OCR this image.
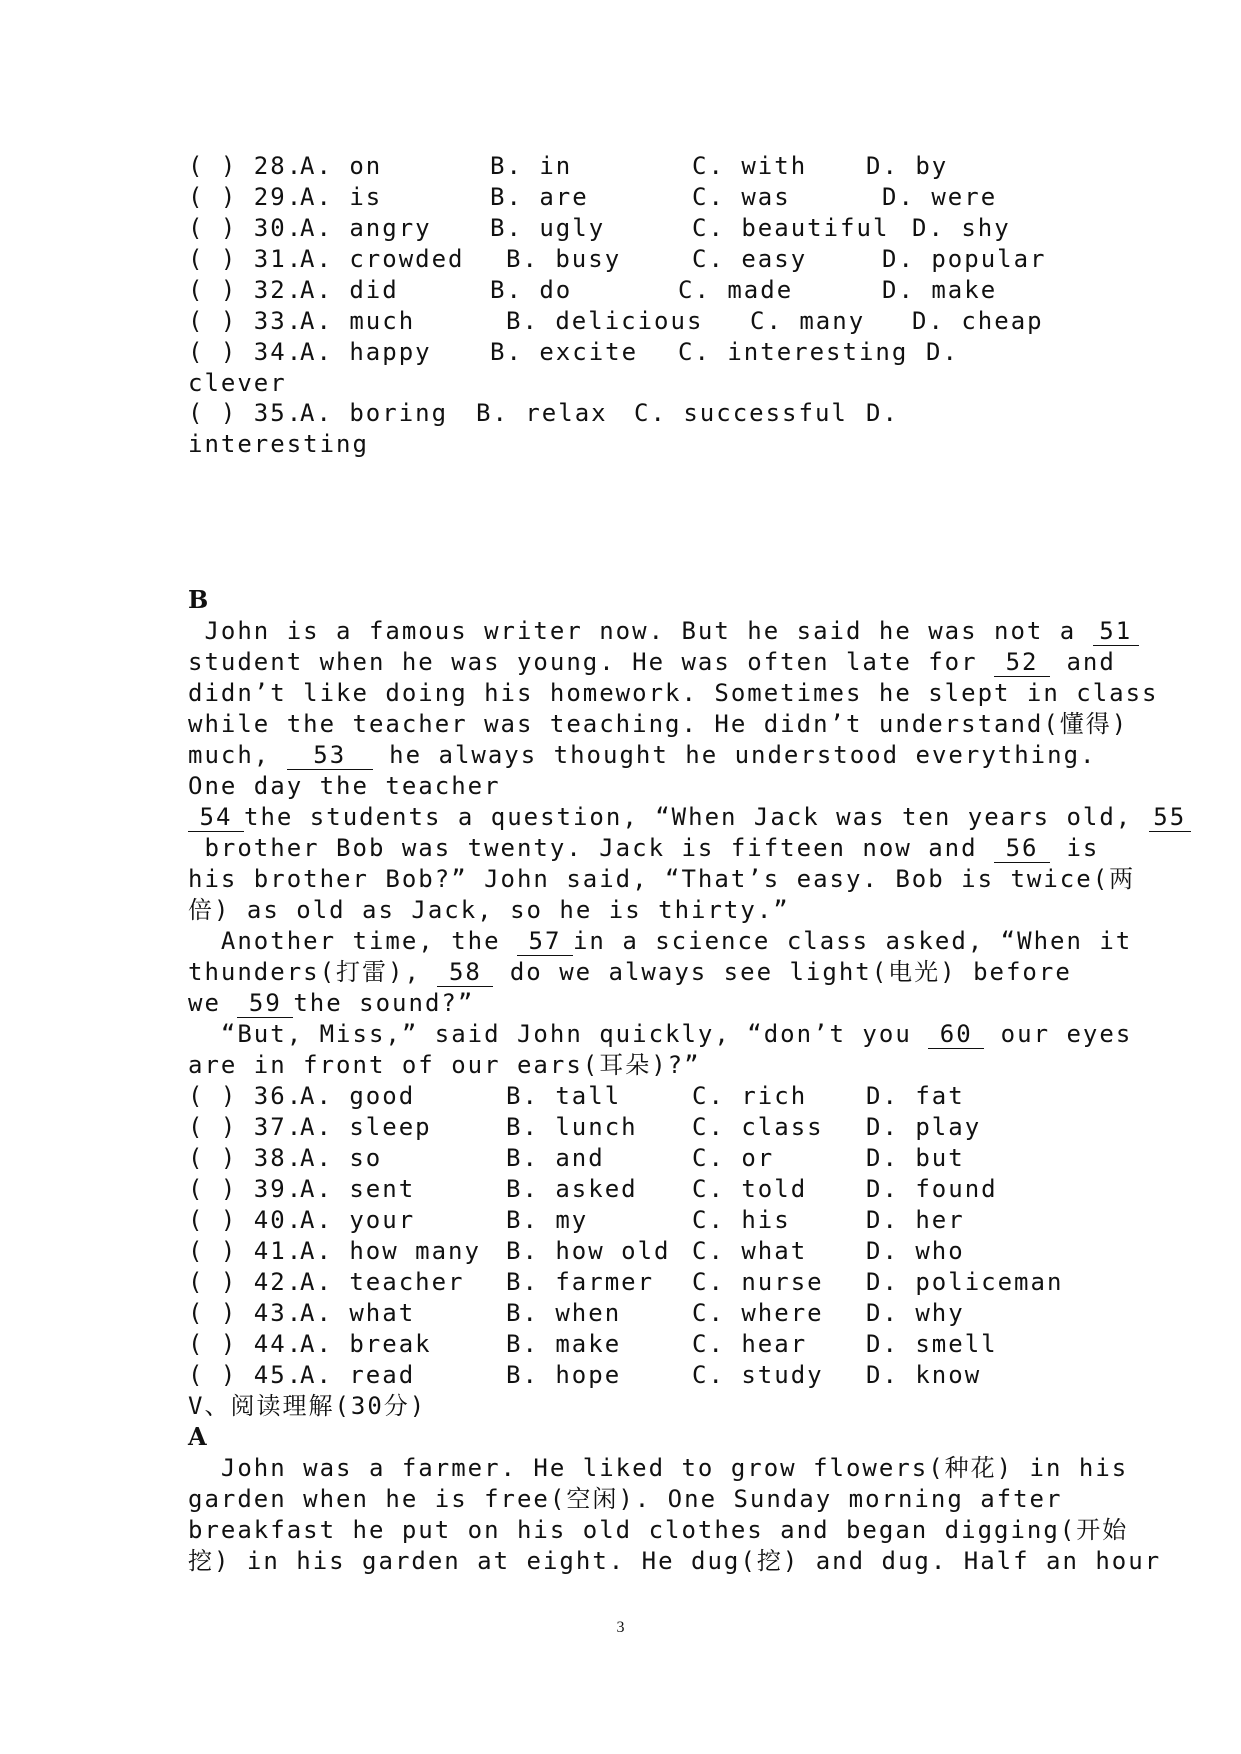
( ) 28.

A. on

	B. in

	C. with

D. by

( ) 29.

A. is

	B. are

	C. was

	D. were

( ) 30.

A. angry

B. ugly

	C. beautiful

D. shy

( ) 31.

A. crowded

B. busy

	C. easy

	D. popular

( ) 32.

A. did

	B. do

	C. made

	D. make

( ) 33.

A. much

	B. delicious

C. many

D. cheap

( ) 34.

A. happy

B. excite

C. interesting

D.

clever

( ) 35.

A. boring

B. relax

C. successful

D.

interesting

B
John is a famous writer now. But he said he was not a 51
student when he was young. He was often late for 52 and
didn’t like doing his homework. Sometimes he slept in class
while the teacher was teaching. He didn’t understand(懂得)
much, 53 he always thought he understood everything.
One day the teacher
54 the students a question, “When Jack was ten years old, 55
brother Bob was twenty. Jack is fifteen now and 56 is
his brother Bob?” John said, “That’s easy. Bob is twice(两
倍) as old as Jack, so he is thirty.”
Another time, the 57 in a science class asked, “When it
thunders(打雷), 58 do we always see light(电光) before
we 59 the sound?”
“But, Miss,” said John quickly, “don’t you 60 our eyes
are in front of our ears(耳朵)?”

( ) 36.

A. good

	B. tall

	C. rich

D. fat

( ) 37.

A. sleep

	B. lunch

C. class

D. play

( ) 38.

A. so

	B. and

	C. or

	D. but

( ) 39.

A. sent

	B. asked

C. told

D. found

( ) 40.

A. your

	B. my

	C. his

	D. her

( ) 41.

A. how many

B. how old

C. what

D. who

( ) 42.

A. teacher

B. farmer

C. nurse

D. policeman

( ) 43.

A. what

	B. when

	C. where

D. why

( ) 44.

A. break

	B. make

	C. hear

D. smell

( ) 45.

A. read

	B. hope

	C. study

D. know

V、阅读理解(30分)
A
John was a farmer. He liked to grow flowers(种花) in his
garden when he is free(空闲). One Sunday morning after
breakfast he put on his old clothes and began digging(开始
挖) in his garden at eight. He dug(挖) and dug. Half an hour
3
